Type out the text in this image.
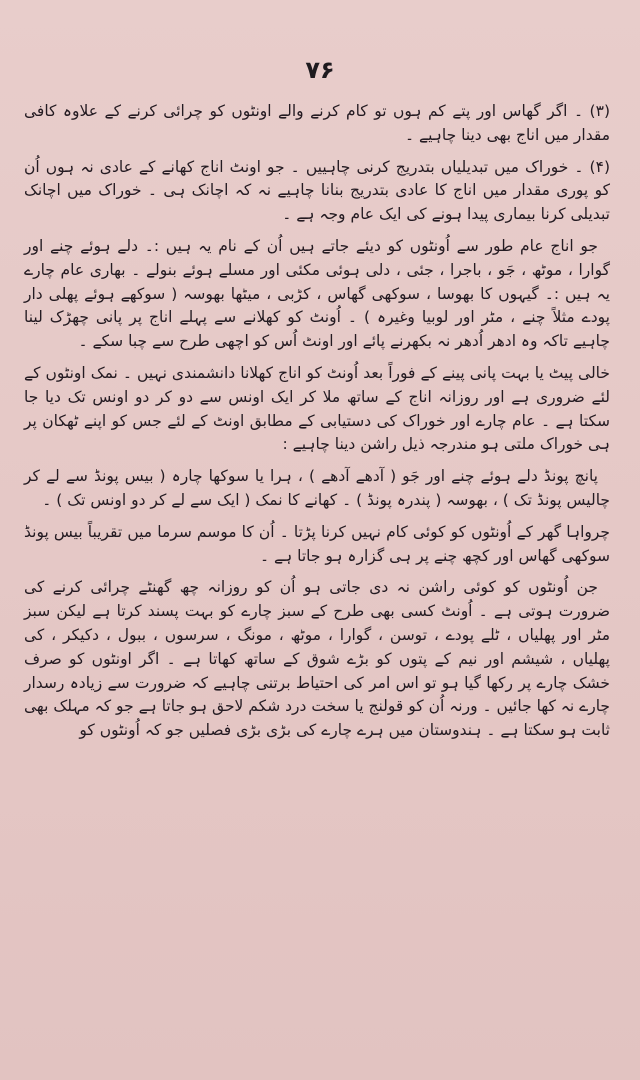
۷۶

(۳) ۔ اگر گھاس اور پتے کم ہوں تو کام کرنے والے اونٹوں کو چرائی کرنے کے علاوہ کافی مقدار میں اناج بھی دینا چاہیے ۔

(۴) ۔ خوراک میں تبدیلیاں بتدریج کرنی چاہییں ۔ جو اونٹ اناج کھانے کے عادی نہ ہوں اُن کو پوری مقدار میں اناج کا عادی بتدریج بنانا چاہیے نہ کہ اچانک ہی ۔ خوراک میں اچانک تبدیلی کرنا بیماری پیدا ہونے کی ایک عام وجہ ہے ۔

جو اناج عام طور سے اُونٹوں کو دیئے جاتے ہیں اُن کے نام یہ ہیں :۔ دلے ہوئے چنے اور گوارا ، موٹھ ، جَو ، باجرا ، جئی ، دلی ہوئی مکئی اور مسلے ہوئے بنولے ۔ بھاری عام چارے یہ ہیں :۔ گیہوں کا بھوسا ، سوکھی گھاس ، کڑبی ، میٹھا بھوسہ ( سوکھے ہوئے پھلی دار پودے مثلاً چنے ، مٹر اور لوبیا وغیرہ ) ۔ اُونٹ کو کھلانے سے پہلے اناج پر پانی چھڑک لینا چاہیے تاکہ وہ ادھر اُدھر نہ بکھرنے پائے اور اونٹ اُس کو اچھی طرح سے چبا سکے ۔

خالی پیٹ یا بہت پانی پینے کے فوراً بعد اُونٹ کو اناج کھلانا دانشمندی نہیں ۔ نمک اونٹوں کے لئے ضروری ہے اور روزانہ اناج کے ساتھ ملا کر ایک اونس سے دو کر دو اونس تک دیا جا سکتا ہے ۔ عام چارے اور خوراک کی دستیابی کے مطابق اونٹ کے لئے جس کو اپنے ٹھکان پر ہی خوراک ملتی ہو مندرجہ ذیل راشن دینا چاہیے :

پانچ پونڈ دلے ہوئے چنے اور جَو ( آدھے آدھے ) ، ہرا یا سوکھا چارہ ( بیس پونڈ سے لے کر چالیس پونڈ تک ) ، بھوسہ ( پندرہ پونڈ ) ۔ کھانے کا نمک ( ایک سے لے کر دو اونس تک ) ۔

چرواہا گھر کے اُونٹوں کو کوئی کام نہیں کرنا پڑتا ۔ اُن کا موسم سرما میں تقریباً بیس پونڈ سوکھی گھاس اور کچھ چنے پر ہی گزارہ ہو جاتا ہے ۔

جن اُونٹوں کو کوئی راشن نہ دی جاتی ہو اُن کو روزانہ چھ گھنٹے چرائی کرنے کی ضرورت ہوتی ہے ۔ اُونٹ کسی بھی طرح کے سبز چارے کو بہت پسند کرتا ہے لیکن سبز مٹر اور پھلیاں ، ٹلے پودے ، توسن ، گوارا ، موٹھ ، مونگ ، سرسوں ، ببول ، دکیکر ، کی پھلیاں ، شیشم اور نیم کے پتوں کو بڑے شوق کے ساتھ کھاتا ہے ۔ اگر اونٹوں کو صرف خشک چارے پر رکھا گیا ہو تو اس امر کی احتیاط برتنی چاہیے کہ ضرورت سے زیادہ رسدار چارے نہ کھا جائیں ۔ ورنہ اُن کو قولنج یا سخت درد شکم لاحق ہو جاتا ہے جو کہ مہلک بھی ثابت ہو سکتا ہے ۔ ہندوستان میں ہرے چارے کی بڑی بڑی فصلیں جو کہ اُونٹوں کو
